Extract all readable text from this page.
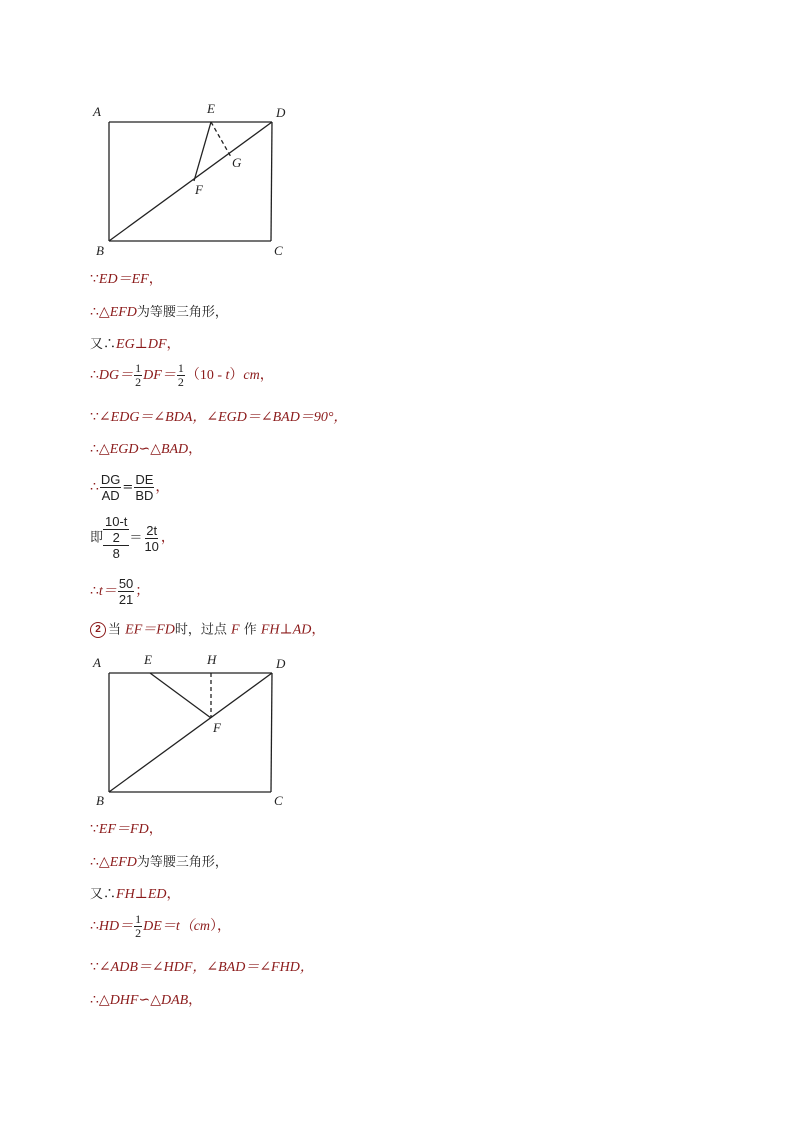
A	E	D
G
F
B	C
∵ED＝EF，
∴△EFD为等腰三角形，
又∴EG⊥DF，
∴DG＝ $\frac{1}{2} DF= \frac{1}{2} (10 - t)cm$，
∵∠EDG＝∠BDA，∠EGD＝∠BAD＝90°，
∴△EGD∽△BAD，
∴ $\frac{DG}{AD} = \frac{DE}{BD}$ ，
即 10-t
2
$8 = \frac{2t}{10}$ ，
∴t＝ $\frac{50}{21}$ ；
2 当 EF＝FD时，过点 F 作 FH⊥AD，
A	E	H	D
F
B	C
∵EF＝FD，
∴△EFD为等腰三角形，
又∴FH⊥ED，
∴HD＝ $\frac{1}{2} DE=t(cm)$，
∵∠ADB＝∠HDF，∠BAD＝∠FHD，
∴△DHF∽△DAB，
